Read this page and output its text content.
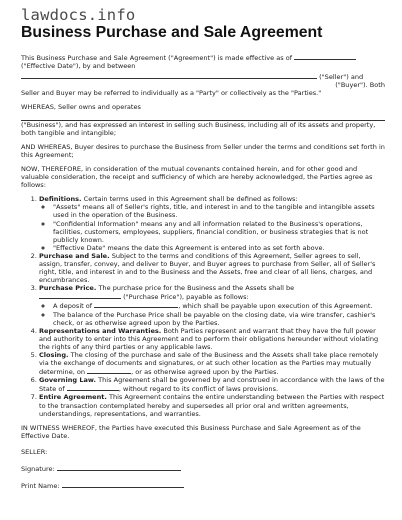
lawdocs.info
Business Purchase and Sale Agreement

This Business Purchase and Sale Agreement ("Agreement") is made effective as of
("Effective Date"), by and between  ("Seller") and
("Buyer"). Both
Seller and Buyer may be referred to individually as a "Party" or collectively as the "Parties."

WHEREAS, Seller owns and operates

("Business"), and has expressed an interest in selling such Business, including all of its assets and property, both tangible and intangible;

AND WHEREAS, Buyer desires to purchase the Business from Seller under the terms and conditions set forth in this Agreement;

NOW, THEREFORE, in consideration of the mutual covenants contained herein, and for other good and valuable consideration, the receipt and sufficiency of which are hereby acknowledged, the Parties agree as follows:

1. Definitions. Certain terms used in this Agreement shall be defined as follows:
◦ "Assets" means all of Seller's rights, title, and interest in and to the tangible and intangible assets used in the operation of the Business.
◦ "Confidential Information" means any and all information related to the Business's operations, facilities, customers, employees, suppliers, financial condition, or business strategies that is not publicly known.
◦ "Effective Date" means the date this Agreement is entered into as set forth above.
2. Purchase and Sale. Subject to the terms and conditions of this Agreement, Seller agrees to sell, assign, transfer, convey, and deliver to Buyer, and Buyer agrees to purchase from Seller, all of Seller's right, title, and interest in and to the Business and the Assets, free and clear of all liens, charges, and encumbrances.
3. Purchase Price. The purchase price for the Business and the Assets shall be
("Purchase Price"), payable as follows:
◦ A deposit of	, which shall be payable upon execution of this Agreement.
◦ The balance of the Purchase Price shall be payable on the closing date, via wire transfer, cashier's check, or as otherwise agreed upon by the Parties.
4. Representations and Warranties. Both Parties represent and warrant that they have the full power and authority to enter into this Agreement and to perform their obligations hereunder without violating the rights of any third parties or any applicable laws.
5. Closing. The closing of the purchase and sale of the Business and the Assets shall take place remotely via the exchange of documents and signatures, or at such other location as the Parties may mutually determine, on	, or as otherwise agreed upon by the Parties.
6. Governing Law. This Agreement shall be governed by and construed in accordance with the laws of the State of	, without regard to its conflict of laws provisions.
7. Entire Agreement. This Agreement contains the entire understanding between the Parties with respect to the transaction contemplated hereby and supersedes all prior oral and written agreements, understandings, representations, and warranties.

IN WITNESS WHEREOF, the Parties have executed this Business Purchase and Sale Agreement as of the Effective Date.

SELLER:

Signature:

Print Name:
